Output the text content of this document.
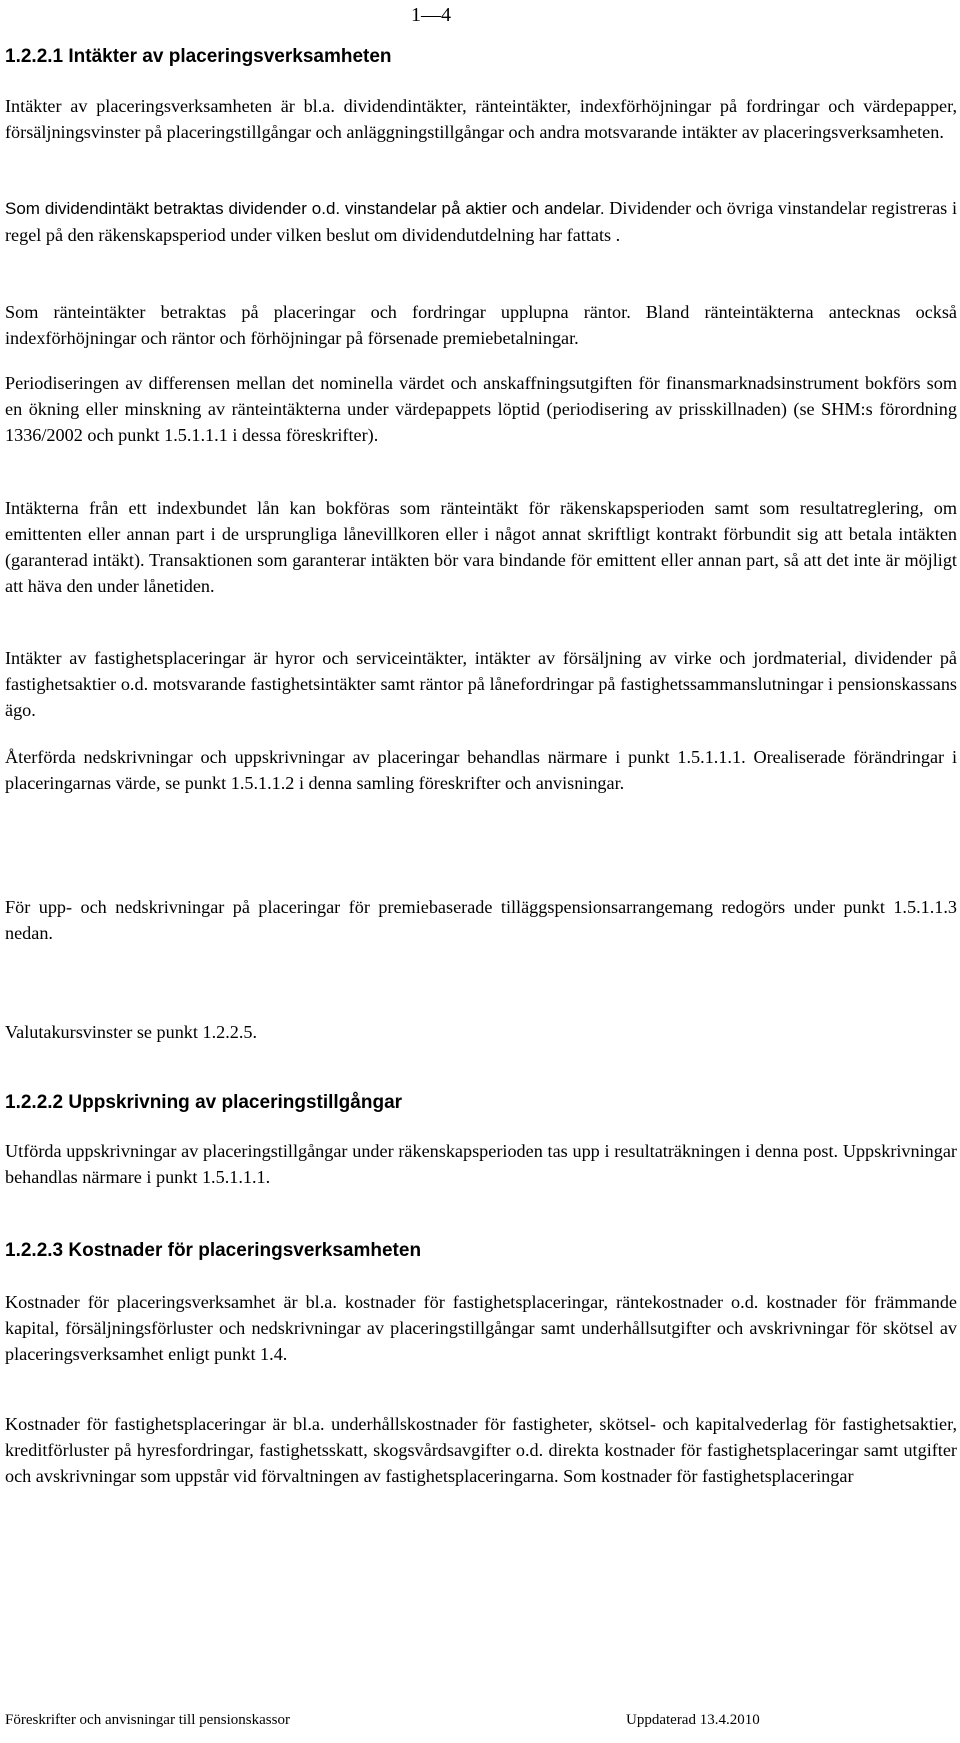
1—4
1.2.2.1 Intäkter av placeringsverksamheten

Intäkter av placeringsverksamheten är bl.a. dividendintäkter, ränteintäkter, indexförhöjningar på fordringar och värdepapper, försäljningsvinster på placeringstillgångar och anläggningstillgångar och andra motsvarande intäkter av placeringsverksamheten.

Som dividendintäkt betraktas dividender o.d. vinstandelar på aktier och andelar. Dividender och övriga vinstandelar registreras i regel på den räkenskapsperiod under vilken beslut om dividendutdelning har fattats .

Som ränteintäkter betraktas på placeringar och fordringar upplupna räntor. Bland ränteintäkterna antecknas också indexförhöjningar och räntor och förhöjningar på försenade premiebetalningar.

Periodiseringen av differensen mellan det nominella värdet och anskaffningsutgiften för finansmarknadsinstrument bokförs som en ökning eller minskning av ränteintäkterna under värdepappets löptid (periodisering av prisskillnaden) (se SHM:s förordning 1336/2002 och punkt 1.5.1.1.1 i dessa föreskrifter).

Intäkterna från ett indexbundet lån kan bokföras som ränteintäkt för räkenskapsperioden samt som resultatreglering, om emittenten eller annan part i de ursprungliga lånevillkoren eller i något annat skriftligt kontrakt förbundit sig att betala intäkten (garanterad intäkt). Transaktionen som garanterar intäkten bör vara bindande för emittent eller annan part, så att det inte är möjligt att häva den under lånetiden.

Intäkter av fastighetsplaceringar är hyror och serviceintäkter, intäkter av försäljning av virke och jordmaterial, dividender på fastighetsaktier o.d. motsvarande fastighetsintäkter samt räntor på lånefordringar på fastighetssammanslutningar i pensionskassans ägo.

Återförda nedskrivningar och uppskrivningar av placeringar behandlas närmare i punkt 1.5.1.1.1. Orealiserade förändringar i placeringarnas värde, se punkt 1.5.1.1.2 i denna samling föreskrifter och anvisningar.

För upp- och nedskrivningar på placeringar för premiebaserade tilläggspensionsarrangemang redogörs under punkt 1.5.1.1.3 nedan.

Valutakursvinster se punkt 1.2.2.5.

1.2.2.2 Uppskrivning av placeringstillgångar

Utförda uppskrivningar av placeringstillgångar under räkenskapsperioden tas upp i resultaträkningen i denna post. Uppskrivningar behandlas närmare i punkt 1.5.1.1.1.

1.2.2.3 Kostnader för placeringsverksamheten

Kostnader för placeringsverksamhet är bl.a. kostnader för fastighetsplaceringar, räntekostnader o.d. kostnader för främmande kapital, försäljningsförluster och nedskrivningar av placeringstillgångar samt underhållsutgifter och avskrivningar för skötsel av placeringsverksamhet enligt punkt 1.4.

Kostnader för fastighetsplaceringar är bl.a. underhållskostnader för fastigheter, skötsel- och kapitalvederlag för fastighetsaktier, kreditförluster på hyresfordringar, fastighetsskatt, skogsvårdsavgifter o.d. direkta kostnader för fastighetsplaceringar samt utgifter och avskrivningar som uppstår vid förvaltningen av fastighetsplaceringarna. Som kostnader för fastighetsplaceringar

Föreskrifter och anvisningar till pensionskassor	Uppdaterad 13.4.2010
